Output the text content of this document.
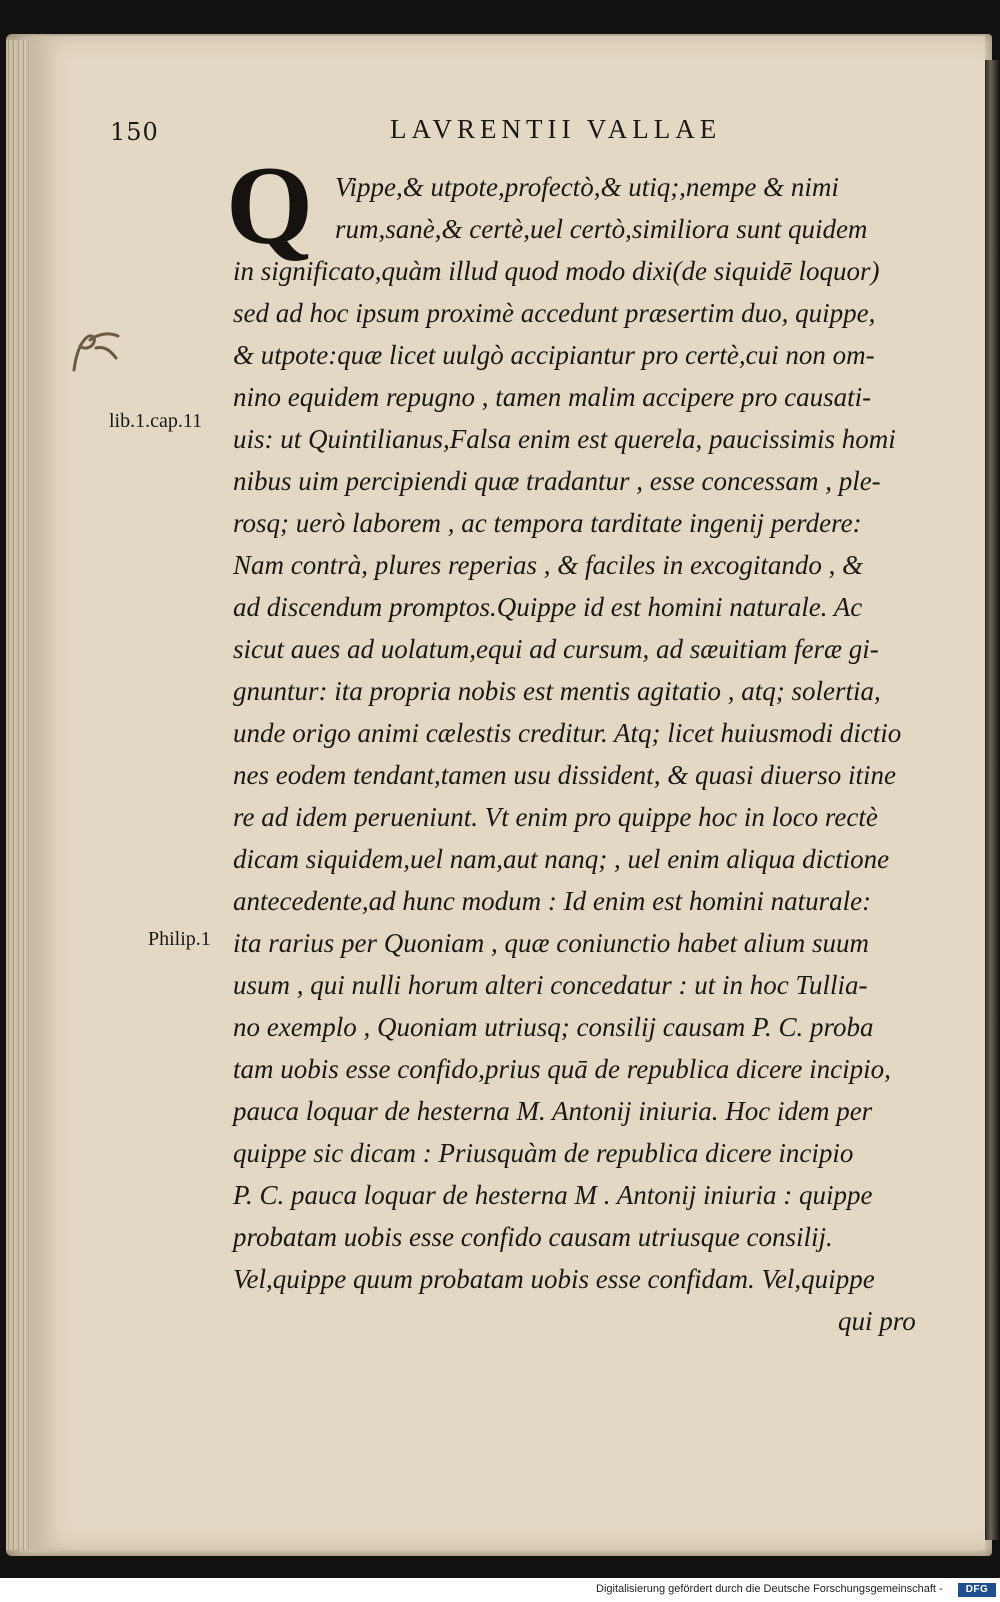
150	LAVRENTII VALLAE
Q
lib.1.cap.11
Philip.1
Vippe,& utpote,profectò,& utiq;,nempe & nimi
rum,sanè,& certè,uel certò,similiora sunt quidem
in significato,quàm illud quod modo dixi(de siquidē loquor)
sed ad hoc ipsum proximè accedunt præsertim duo, quippe,
& utpote:quæ licet uulgò accipiantur pro certè,cui non om-
nino equidem repugno , tamen malim accipere pro causati-
uis: ut Quintilianus,Falsa enim est querela, paucissimis homi
nibus uim percipiendi quæ tradantur , esse concessam , ple-
rosq; uerò laborem , ac tempora tarditate ingenij perdere:
Nam contrà, plures reperias , & faciles in excogitando , &
ad discendum promptos.Quippe id est homini naturale. Ac
sicut aues ad uolatum,equi ad cursum, ad sæuitiam feræ gi-
gnuntur: ita propria nobis est mentis agitatio , atq; solertia,
unde origo animi cælestis creditur. Atq; licet huiusmodi dictio
nes eodem tendant,tamen usu dissident, & quasi diuerso itine
re ad idem perueniunt. Vt enim pro quippe hoc in loco rectè
dicam siquidem,uel nam,aut nanq; , uel enim aliqua dictione
antecedente,ad hunc modum : Id enim est homini naturale:
ita rarius per Quoniam , quæ coniunctio habet alium suum
usum , qui nulli horum alteri concedatur : ut in hoc Tullia-
no exemplo , Quoniam utriusq; consilij causam P. C. proba
tam uobis esse confido,prius quā de republica dicere incipio,
pauca loquar de hesterna M. Antonij iniuria. Hoc idem per
quippe sic dicam : Priusquàm de republica dicere incipio
P. C. pauca loquar de hesterna M . Antonij iniuria : quippe
probatam uobis esse confido causam utriusque consilij.
Vel,quippe quum probatam uobis esse confidam. Vel,quippe
qui pro
Digitalisierung gefördert durch die Deutsche Forschungsgemeinschaft -	DFG
